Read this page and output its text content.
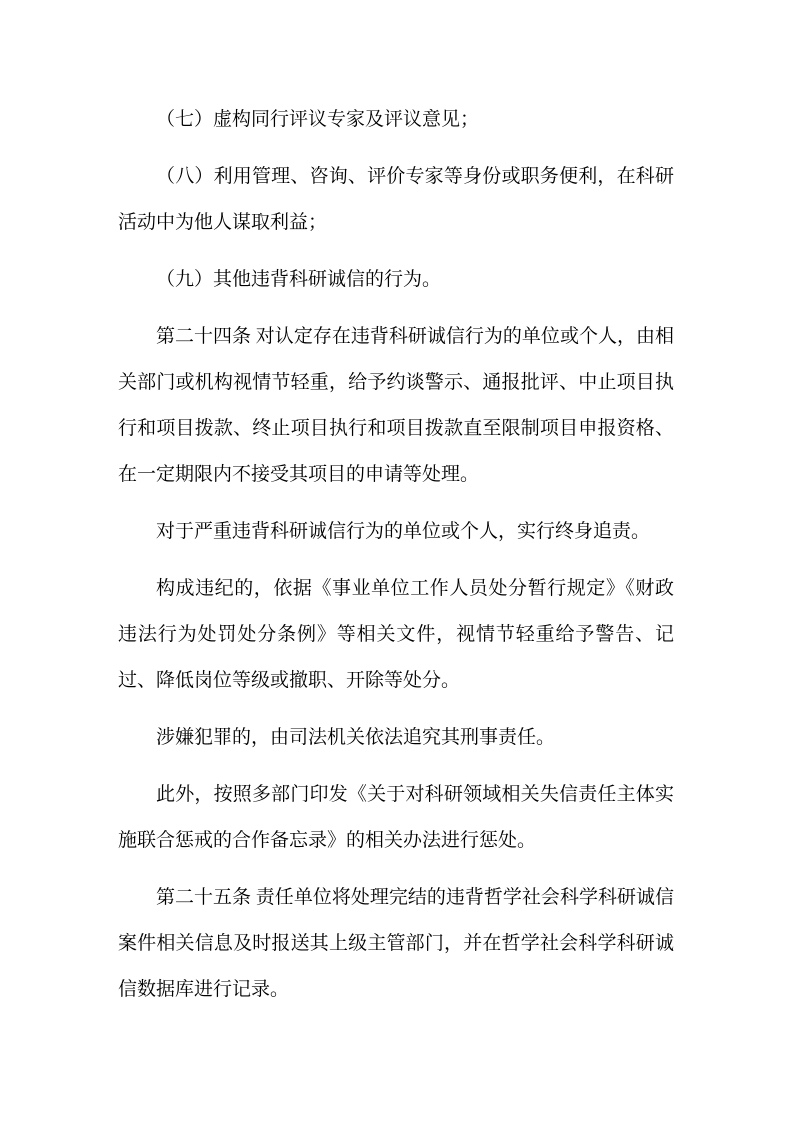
（七）虚构同行评议专家及评议意见；

（八）利用管理、咨询、评价专家等身份或职务便利，在科研活动中为他人谋取利益；

（九）其他违背科研诚信的行为。

第二十四条 对认定存在违背科研诚信行为的单位或个人，由相关部门或机构视情节轻重，给予约谈警示、通报批评、中止项目执行和项目拨款、终止项目执行和项目拨款直至限制项目申报资格、在一定期限内不接受其项目的申请等处理。

对于严重违背科研诚信行为的单位或个人，实行终身追责。

构成违纪的，依据《事业单位工作人员处分暂行规定》《财政违法行为处罚处分条例》等相关文件，视情节轻重给予警告、记过、降低岗位等级或撤职、开除等处分。

涉嫌犯罪的，由司法机关依法追究其刑事责任。

此外，按照多部门印发《关于对科研领域相关失信责任主体实施联合惩戒的合作备忘录》的相关办法进行惩处。

第二十五条 责任单位将处理完结的违背哲学社会科学科研诚信案件相关信息及时报送其上级主管部门，并在哲学社会科学科研诚信数据库进行记录。
